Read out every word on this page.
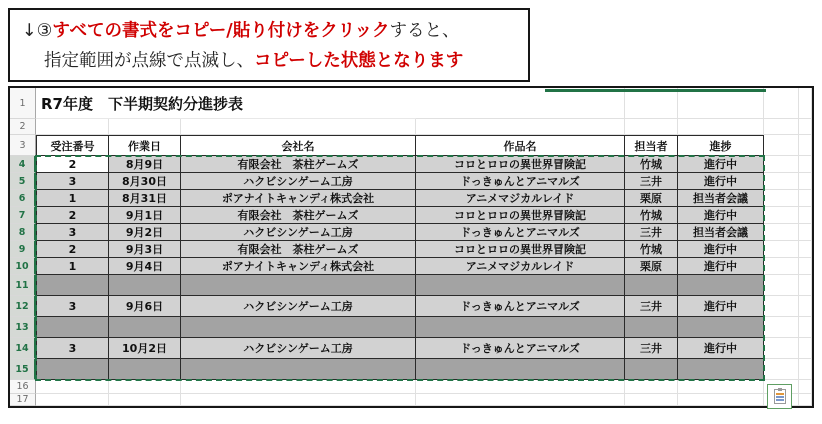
↓③すべての書式をコピー/貼り付けをクリックすると、
指定範囲が点線で点滅し、コピーした状態となります
1	R7年度　下半期契約分進捗表
2
3	受注番号	作業日	会社名	作品名	担当者	進捗
4	2	8月9日	有限会社　茶柱ゲームズ	コロとロロの異世界冒険記	竹城	進行中
5	3	8月30日	ハクビシンゲーム工房	ドっきゅんとアニマルズ	三井	進行中
6	1	8月31日	ポアナイトキャンディ株式会社	アニメマジカルレイド	栗原	担当者会議
7	2	9月1日	有限会社　茶柱ゲームズ	コロとロロの異世界冒険記	竹城	進行中
8	3	9月2日	ハクビシンゲーム工房	ドっきゅんとアニマルズ	三井	担当者会議
9	2	9月3日	有限会社　茶柱ゲームズ	コロとロロの異世界冒険記	竹城	進行中
10	1	9月4日	ポアナイトキャンディ株式会社	アニメマジカルレイド	栗原	進行中
11
12	3	9月6日	ハクビシンゲーム工房	ドっきゅんとアニマルズ	三井	進行中
13
14	3	10月2日	ハクビシンゲーム工房	ドっきゅんとアニマルズ	三井	進行中
15
16
17
